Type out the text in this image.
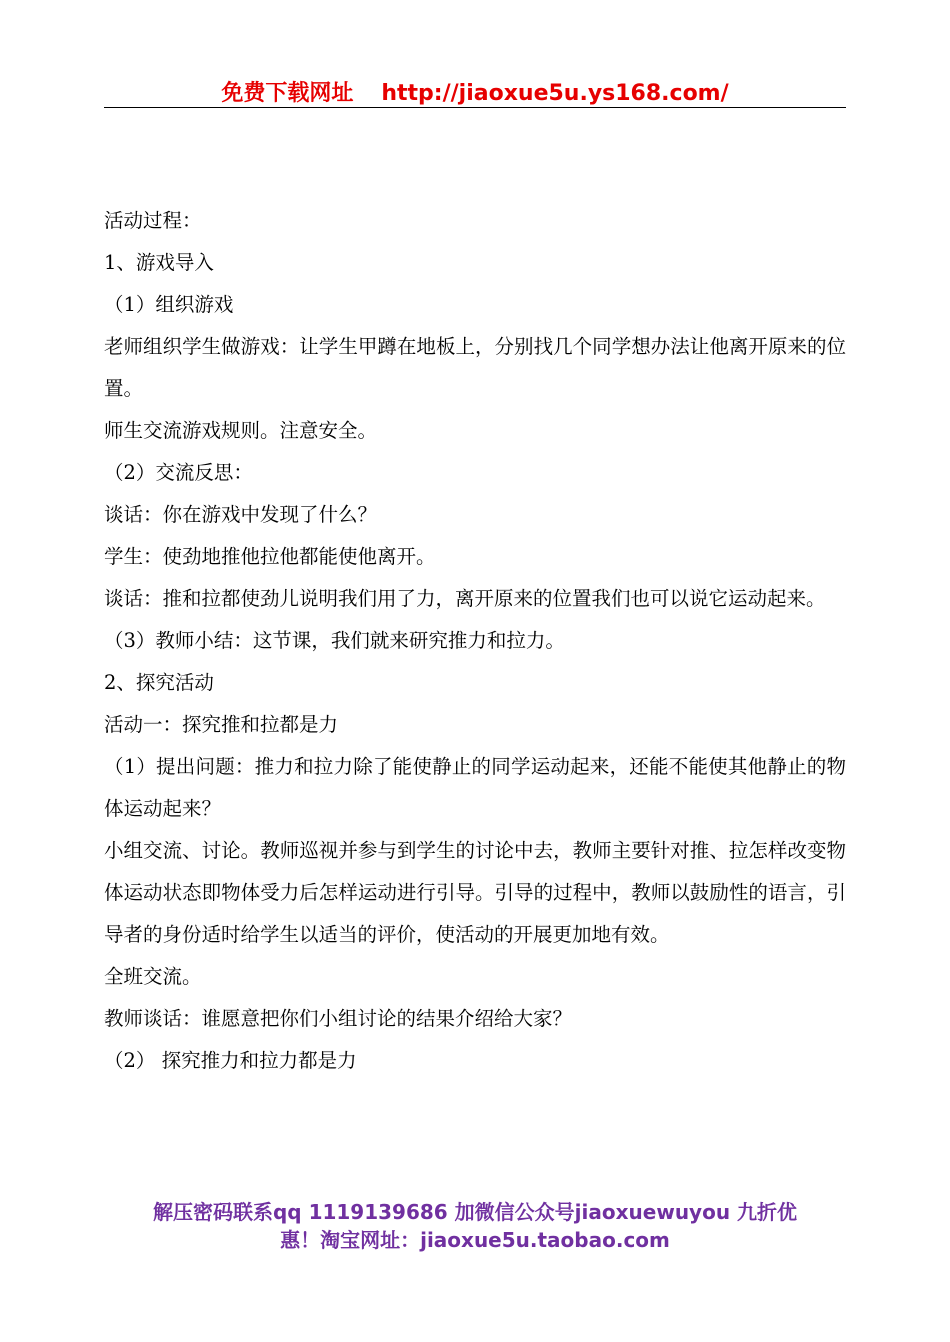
免费下载网址 http://jiaoxue5u.ys168.com/

活动过程：

1、游戏导入

（1）组织游戏

老师组织学生做游戏：让学生甲蹲在地板上，分别找几个同学想办法让他离开原来的位置。

师生交流游戏规则。注意安全。

（2）交流反思：

谈话：你在游戏中发现了什么？

学生：使劲地推他拉他都能使他离开。

谈话：推和拉都使劲儿说明我们用了力，离开原来的位置我们也可以说它运动起来。

（3）教师小结：这节课，我们就来研究推力和拉力。

2、探究活动

活动一：探究推和拉都是力

（1）提出问题：推力和拉力除了能使静止的同学运动起来，还能不能使其他静止的物体运动起来？

小组交流、讨论。教师巡视并参与到学生的讨论中去，教师主要针对推、拉怎样改变物体运动状态即物体受力后怎样运动进行引导。引导的过程中，教师以鼓励性的语言，引导者的身份适时给学生以适当的评价，使活动的开展更加地有效。

全班交流。

教师谈话：谁愿意把你们小组讨论的结果介绍给大家？

（2） 探究推力和拉力都是力

解压密码联系qq 1119139686 加微信公众号jiaoxuewuyou 九折优
惠！淘宝网址：jiaoxue5u.taobao.com
